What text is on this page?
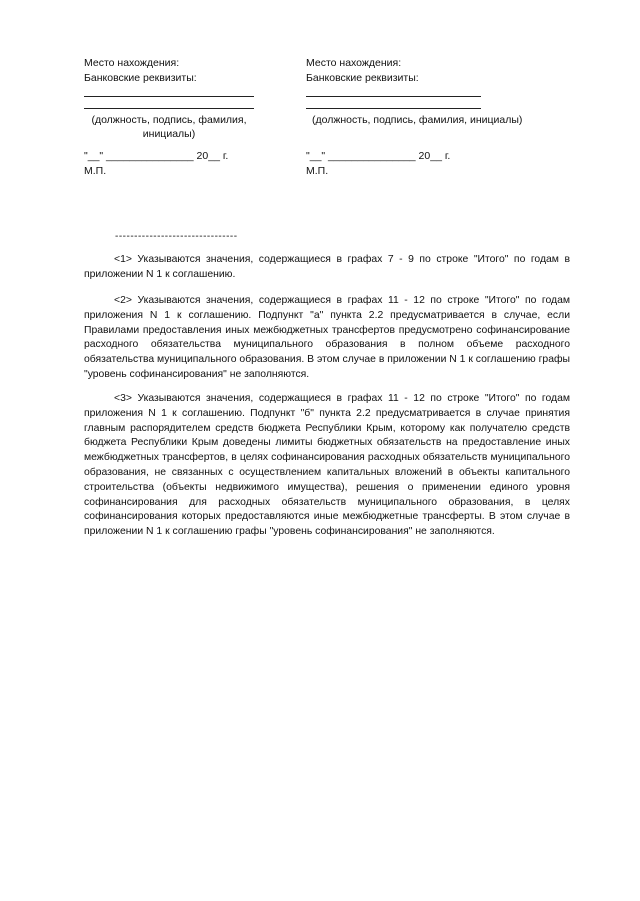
Место нахождения:
Банковские реквизиты:
(должность, подпись, фамилия, инициалы)
"__" _______________ 20__ г.
М.П.
Место нахождения:
Банковские реквизиты:
(должность, подпись, фамилия, инициалы)
"__" _______________ 20__ г.
М.П.
--------------------------------

<1> Указываются значения, содержащиеся в графах 7 - 9 по строке "Итого" по годам в приложении N 1 к соглашению.

<2> Указываются значения, содержащиеся в графах 11 - 12 по строке "Итого" по годам приложения N 1 к соглашению. Подпункт "а" пункта 2.2 предусматривается в случае, если Правилами предоставления иных межбюджетных трансфертов предусмотрено софинансирование расходного обязательства муниципального образования в полном объеме расходного обязательства муниципального образования. В этом случае в приложении N 1 к соглашению графы "уровень софинансирования" не заполняются.

<3> Указываются значения, содержащиеся в графах 11 - 12 по строке "Итого" по годам приложения N 1 к соглашению. Подпункт "б" пункта 2.2 предусматривается в случае принятия главным распорядителем средств бюджета Республики Крым, которому как получателю средств бюджета Республики Крым доведены лимиты бюджетных обязательств на предоставление иных межбюджетных трансфертов, в целях софинансирования расходных обязательств муниципального образования, не связанных с осуществлением капитальных вложений в объекты капитального строительства (объекты недвижимого имущества), решения о применении единого уровня софинансирования для расходных обязательств муниципального образования, в целях софинансирования которых предоставляются иные межбюджетные трансферты. В этом случае в приложении N 1 к соглашению графы "уровень софинансирования" не заполняются.
